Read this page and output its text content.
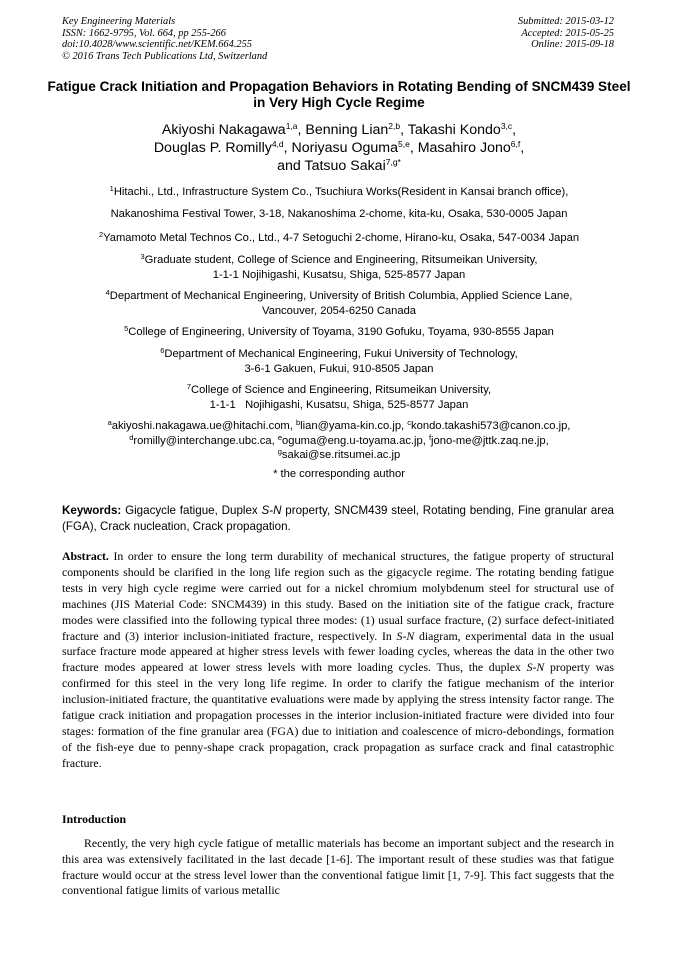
Key Engineering Materials
ISSN: 1662-9795, Vol. 664, pp 255-266
doi:10.4028/www.scientific.net/KEM.664.255
© 2016 Trans Tech Publications Ltd, Switzerland
Submitted: 2015-03-12
Accepted: 2015-05-25
Online: 2015-09-18
Fatigue Crack Initiation and Propagation Behaviors in Rotating Bending of SNCM439 Steel in Very High Cycle Regime
Akiyoshi Nakagawa$^{1,a}$, Benning Lian$^{2,b}$, Takashi Kondo$^{3,c}$,
Douglas P. Romilly$^{4,d}$, Noriyasu Oguma$^{5,e}$, Masahiro Jono$^{6,f}$,
and Tatsuo Sakai$^{7,g*}$
$^1$Hitachi., Ltd., Infrastructure System Co., Tsuchiura Works(Resident in Kansai branch office),
Nakanoshima Festival Tower, 3-18, Nakanoshima 2-chome, kita-ku, Osaka, 530-0005 Japan
$^2$Yamamoto Metal Technos Co., Ltd., 4-7 Setoguchi 2-chome, Hirano-ku, Osaka, 547-0034 Japan
$^3$Graduate student, College of Science and Engineering, Ritsumeikan University,
1-1-1 Nojihigashi, Kusatsu, Shiga, 525-8577 Japan
$^4$Department of Mechanical Engineering, University of British Columbia, Applied Science Lane,
Vancouver, 2054-6250 Canada
$^5$College of Engineering, University of Toyama, 3190 Gofuku, Toyama, 930-8555 Japan
$^6$Department of Mechanical Engineering, Fukui University of Technology,
3-6-1 Gakuen, Fukui, 910-8505 Japan
$^7$College of Science and Engineering, Ritsumeikan University,
1-1-1   Nojihigashi, Kusatsu, Shiga, 525-8577 Japan
$^a$akiyoshi.nakagawa.ue@hitachi.com, $^b$lian@yama-kin.co.jp, $^c$kondo.takashi573@canon.co.jp,
$^d$romilly@interchange.ubc.ca, $^e$oguma@eng.u-toyama.ac.jp, $^f$jono-me@jttk.zaq.ne.jp,
$^g$sakai@se.ritsumei.ac.jp
* the corresponding author
Keywords: Gigacycle fatigue, Duplex S-N property, SNCM439 steel, Rotating bending, Fine granular area (FGA), Crack nucleation, Crack propagation.
Abstract. In order to ensure the long term durability of mechanical structures, the fatigue property of structural components should be clarified in the long life region such as the gigacycle regime. The rotating bending fatigue tests in very high cycle regime were carried out for a nickel chromium molybdenum steel for structural use of machines (JIS Material Code: SNCM439) in this study. Based on the initiation site of the fatigue crack, fracture modes were classified into the following typical three modes: (1) usual surface fracture, (2) surface defect-initiated fracture and (3) interior inclusion-initiated fracture, respectively. In S-N diagram, experimental data in the usual surface fracture mode appeared at higher stress levels with fewer loading cycles, whereas the data in the other two fracture modes appeared at lower stress levels with more loading cycles. Thus, the duplex S-N property was confirmed for this steel in the very long life regime. In order to clarify the fatigue mechanism of the interior inclusion-initiated fracture, the quantitative evaluations were made by applying the stress intensity factor range. The fatigue crack initiation and propagation processes in the interior inclusion-initiated fracture were divided into four stages: formation of the fine granular area (FGA) due to initiation and coalescence of micro-debondings, formation of the fish-eye due to penny-shape crack propagation, crack propagation as surface crack and final catastrophic fracture.
Introduction
Recently, the very high cycle fatigue of metallic materials has become an important subject and the research in this area was extensively facilitated in the last decade [1-6]. The important result of these studies was that fatigue fracture would occur at the stress level lower than the conventional fatigue limit [1, 7-9]. This fact suggests that the conventional fatigue limits of various metallic
